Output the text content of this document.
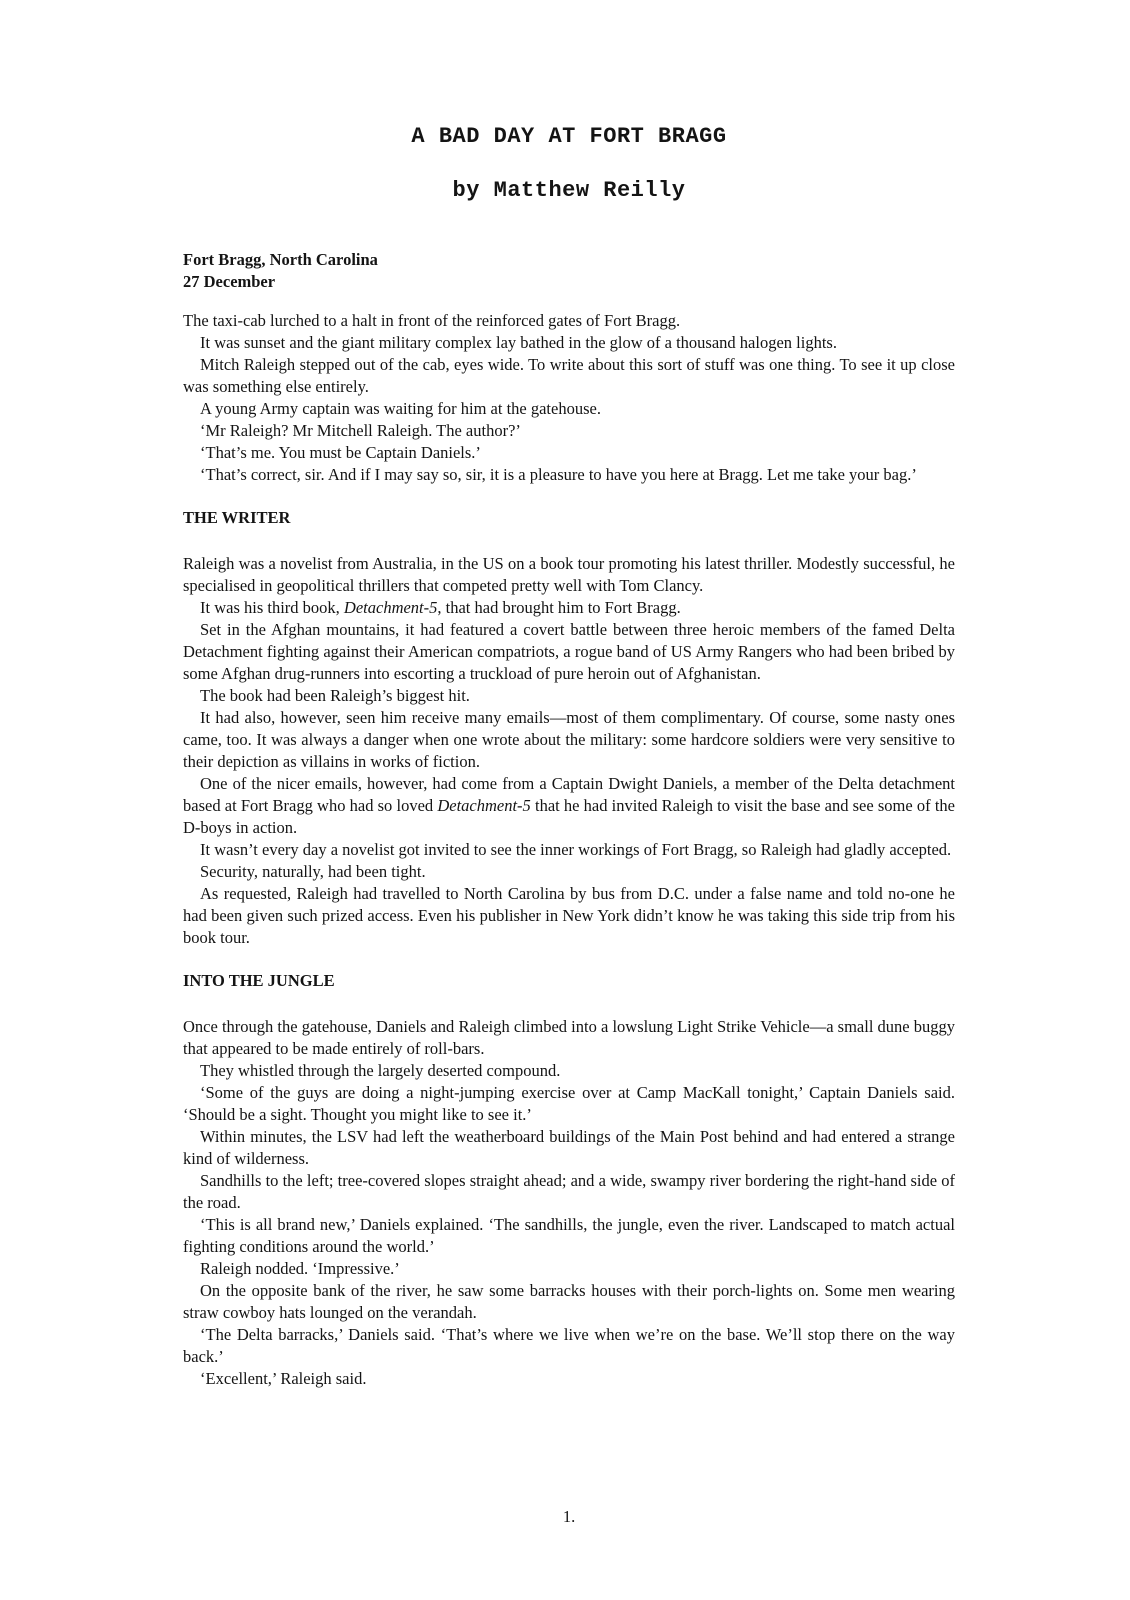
A BAD DAY AT FORT BRAGG
by Matthew Reilly
Fort Bragg, North Carolina
27 December

The taxi-cab lurched to a halt in front of the reinforced gates of Fort Bragg.

It was sunset and the giant military complex lay bathed in the glow of a thousand halogen lights.

Mitch Raleigh stepped out of the cab, eyes wide. To write about this sort of stuff was one thing. To see it up close was something else entirely.

A young Army captain was waiting for him at the gatehouse.

‘Mr Raleigh? Mr Mitchell Raleigh. The author?’

‘That’s me. You must be Captain Daniels.’

‘That’s correct, sir. And if I may say so, sir, it is a pleasure to have you here at Bragg. Let me take your bag.’

THE WRITER

Raleigh was a novelist from Australia, in the US on a book tour promoting his latest thriller. Modestly successful, he specialised in geopolitical thrillers that competed pretty well with Tom Clancy.

It was his third book, Detachment-5, that had brought him to Fort Bragg.

Set in the Afghan mountains, it had featured a covert battle between three heroic members of the famed Delta Detachment fighting against their American compatriots, a rogue band of US Army Rangers who had been bribed by some Afghan drug-runners into escorting a truckload of pure heroin out of Afghanistan.

The book had been Raleigh’s biggest hit.

It had also, however, seen him receive many emails—most of them complimentary. Of course, some nasty ones came, too. It was always a danger when one wrote about the military: some hardcore soldiers were very sensitive to their depiction as villains in works of fiction.

One of the nicer emails, however, had come from a Captain Dwight Daniels, a member of the Delta detachment based at Fort Bragg who had so loved Detachment-5 that he had invited Raleigh to visit the base and see some of the D-boys in action.

It wasn’t every day a novelist got invited to see the inner workings of Fort Bragg, so Raleigh had gladly accepted.

Security, naturally, had been tight.

As requested, Raleigh had travelled to North Carolina by bus from D.C. under a false name and told no-one he had been given such prized access. Even his publisher in New York didn’t know he was taking this side trip from his book tour.

INTO THE JUNGLE

Once through the gatehouse, Daniels and Raleigh climbed into a lowslung Light Strike Vehicle—a small dune buggy that appeared to be made entirely of roll-bars.

They whistled through the largely deserted compound.

‘Some of the guys are doing a night-jumping exercise over at Camp MacKall tonight,’ Captain Daniels said. ‘Should be a sight. Thought you might like to see it.’

Within minutes, the LSV had left the weatherboard buildings of the Main Post behind and had entered a strange kind of wilderness.

Sandhills to the left; tree-covered slopes straight ahead; and a wide, swampy river bordering the right-hand side of the road.

‘This is all brand new,’ Daniels explained. ‘The sandhills, the jungle, even the river. Landscaped to match actual fighting conditions around the world.’

Raleigh nodded. ‘Impressive.’

On the opposite bank of the river, he saw some barracks houses with their porch-lights on. Some men wearing straw cowboy hats lounged on the verandah.

‘The Delta barracks,’ Daniels said. ‘That’s where we live when we’re on the base. We’ll stop there on the way back.’

‘Excellent,’ Raleigh said.

1.
